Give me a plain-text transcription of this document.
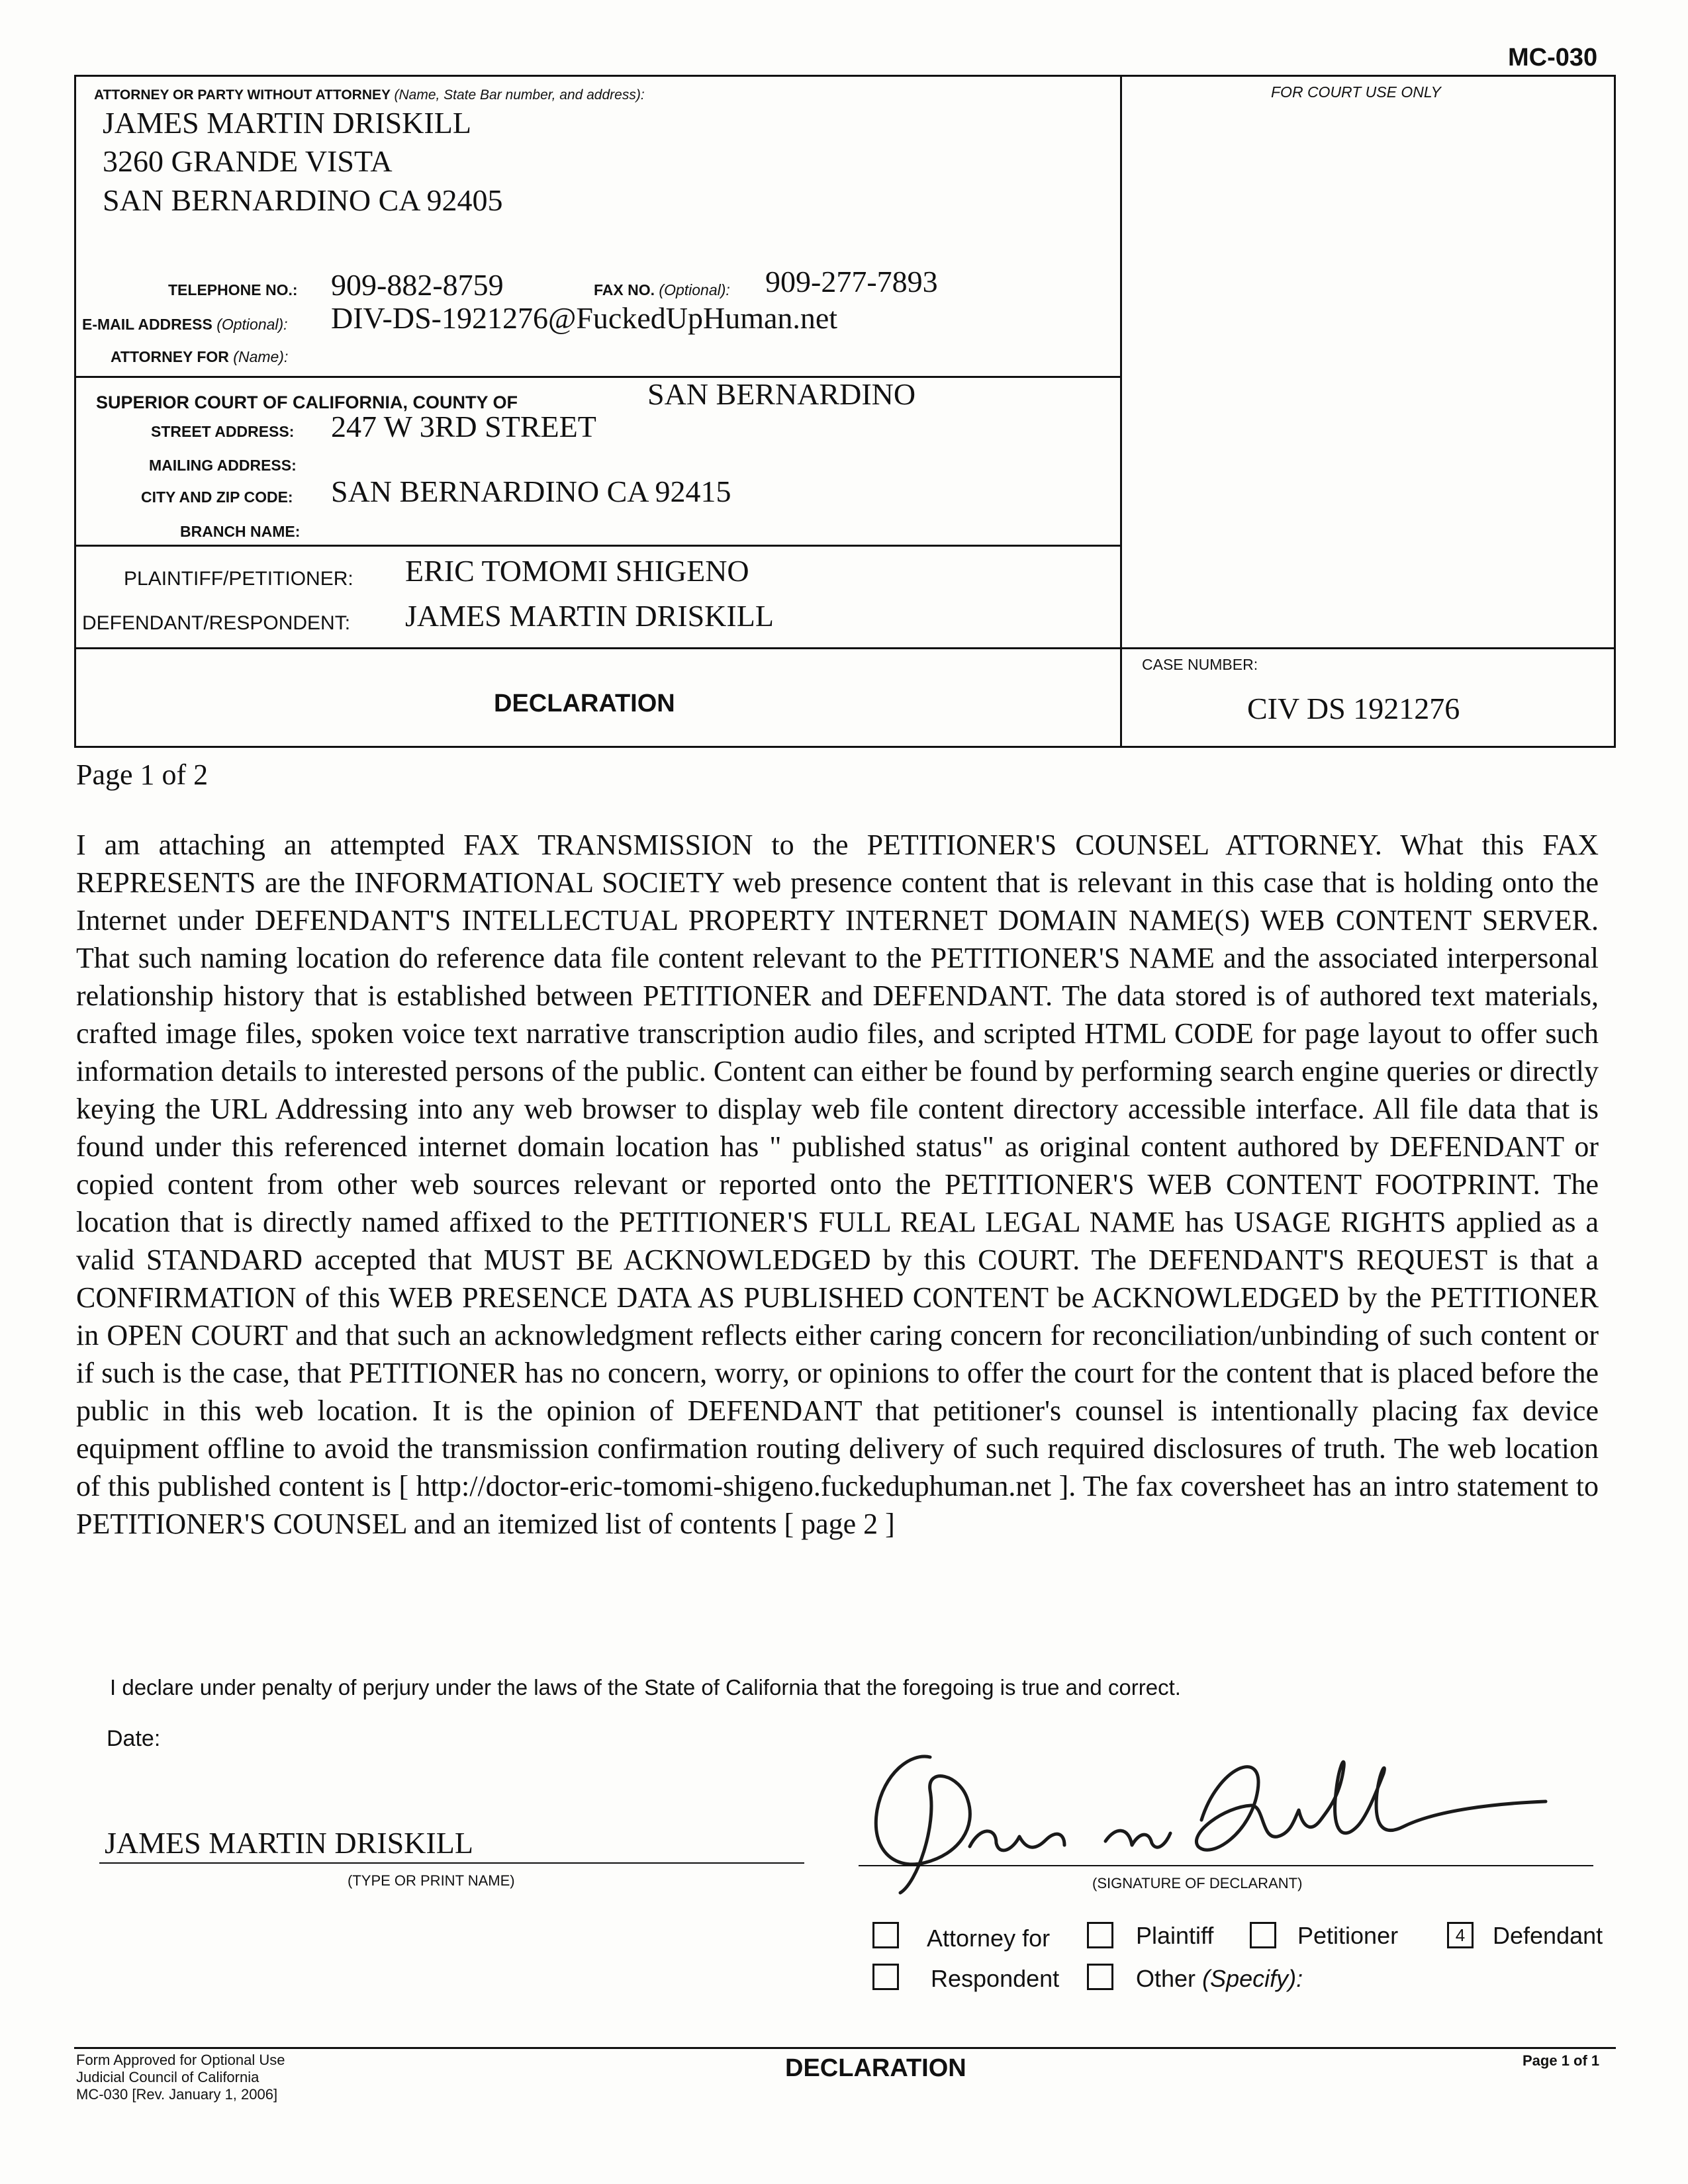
MC-030
FOR COURT USE ONLY
ATTORNEY OR PARTY WITHOUT ATTORNEY (Name, State Bar number, and address):
JAMES MARTIN DRISKILL
3260 GRANDE VISTA
SAN BERNARDINO CA 92405
TELEPHONE NO.: 909-882-8759	FAX NO. (Optional): 909-277-7893
E-MAIL ADDRESS (Optional): DIV-DS-1921276@FuckedUpHuman.net
ATTORNEY FOR (Name):
SUPERIOR COURT OF CALIFORNIA, COUNTY OF	SAN BERNARDINO
STREET ADDRESS: 247 W 3RD STREET
MAILING ADDRESS:
CITY AND ZIP CODE: SAN BERNARDINO CA 92415
BRANCH NAME:
PLAINTIFF/PETITIONER: ERIC TOMOMI SHIGENO
DEFENDANT/RESPONDENT: JAMES MARTIN DRISKILL
DECLARATION
CASE NUMBER:
CIV DS 1921276
Page 1 of 2

I am attaching an attempted FAX TRANSMISSION to the PETITIONER'S COUNSEL ATTORNEY. What this FAX REPRESENTS are the INFORMATIONAL SOCIETY web presence content that is relevant in this case that is holding onto the Internet under DEFENDANT'S INTELLECTUAL PROPERTY INTERNET DOMAIN NAME(S) WEB CONTENT SERVER. That such naming location do reference data file content relevant to the PETITIONER'S NAME and the associated interpersonal relationship history that is established between PETITIONER and DEFENDANT. The data stored is of authored text materials, crafted image files, spoken voice text narrative transcription audio files, and scripted HTML CODE for page layout to offer such information details to interested persons of the public. Content can either be found by performing search engine queries or directly keying the URL Addressing into any web browser to display web file content directory accessible interface. All file data that is found under this referenced internet domain location has " published status" as original content authored by DEFENDANT or copied content from other web sources relevant or reported onto the PETITIONER'S WEB CONTENT FOOTPRINT. The location that is directly named affixed to the PETITIONER'S FULL REAL LEGAL NAME has USAGE RIGHTS applied as a valid STANDARD accepted that MUST BE ACKNOWLEDGED by this COURT. The DEFENDANT'S REQUEST is that a CONFIRMATION of this WEB PRESENCE DATA AS PUBLISHED CONTENT be ACKNOWLEDGED by the PETITIONER in OPEN COURT and that such an acknowledgment reflects either caring concern for reconciliation/unbinding of such content or if such is the case, that PETITIONER has no concern, worry, or opinions to offer the court for the content that is placed before the public in this web location. It is the opinion of DEFENDANT that petitioner's counsel is intentionally placing fax device equipment offline to avoid the transmission confirmation routing delivery of such required disclosures of truth. The web location of this published content is [ http://doctor-eric-tomomi-shigeno.fuckeduphuman.net ]. The fax coversheet has an intro statement to PETITIONER'S COUNSEL and an itemized list of contents [ page 2 ]

I declare under penalty of perjury under the laws of the State of California that the foregoing is true and correct.
Date:
JAMES MARTIN DRISKILL
(TYPE OR PRINT NAME)	(SIGNATURE OF DECLARANT)
Attorney for	Plaintiff	Petitioner	4 Defendant
Respondent	Other (Specify):
Form Approved for Optional Use
Judicial Council of California
MC-030 [Rev. January 1, 2006]
DECLARATION	Page 1 of 1
